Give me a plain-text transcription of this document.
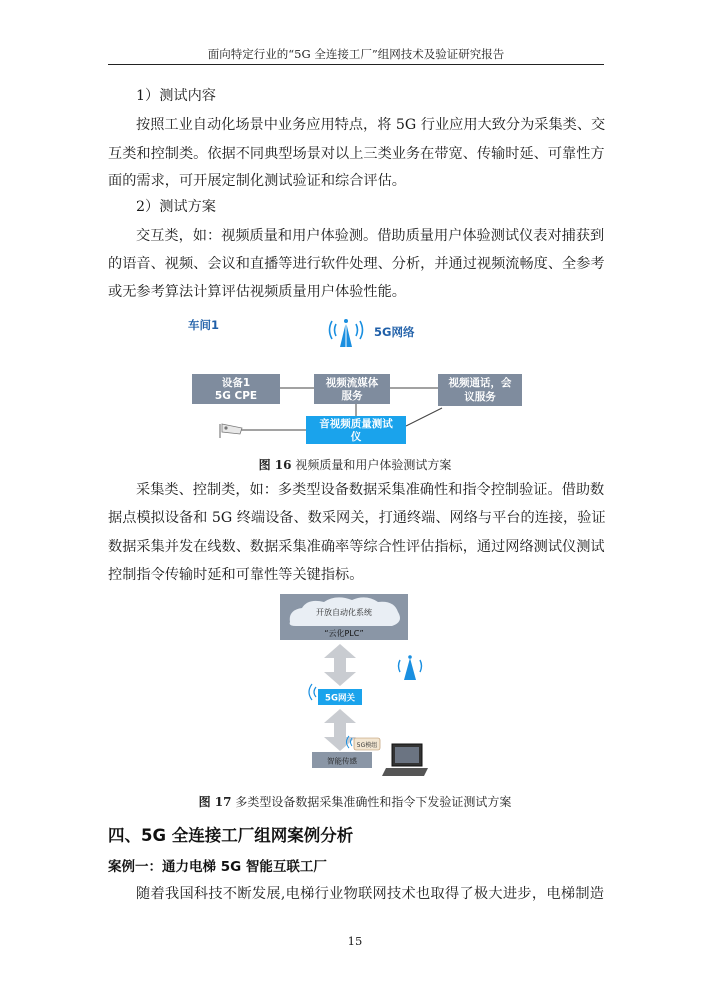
面向特定行业的“5G 全连接工厂”组网技术及验证研究报告
1）测试内容
按照工业自动化场景中业务应用特点，将 5G 行业应用大致分为采集类、交
互类和控制类。依据不同典型场景对以上三类业务在带宽、传输时延、可靠性方
面的需求，可开展定制化测试验证和综合评估。
2）测试方案
交互类，如：视频质量和用户体验测。借助质量用户体验测试仪表对捕获到
的语音、视频、会议和直播等进行软件处理、分析，并通过视频流畅度、全参考
或无参考算法计算评估视频质量用户体验性能。
车间1	5G网络
设备1
5G CPE
视频流媒体
服务
视频通话，会
议服务
音视频质量测试
仪
图 16 视频质量和用户体验测试方案
采集类、控制类，如：多类型设备数据采集准确性和指令控制验证。借助数
据点模拟设备和 5G 终端设备、数采网关，打通终端、网络与平台的连接，验证
数据采集并发在线数、数据采集准确率等综合性评估指标，通过网络测试仪测试
控制指令传输时延和可靠性等关键指标。
开放自动化系统
“云化PLC”
5G网关
5G模组
智能传感
图 17 多类型设备数据采集准确性和指令下发验证测试方案
四、5G 全连接工厂组网案例分析
案例一：通力电梯 5G 智能互联工厂
随着我国科技不断发展,电梯行业物联网技术也取得了极大进步，电梯制造
15
